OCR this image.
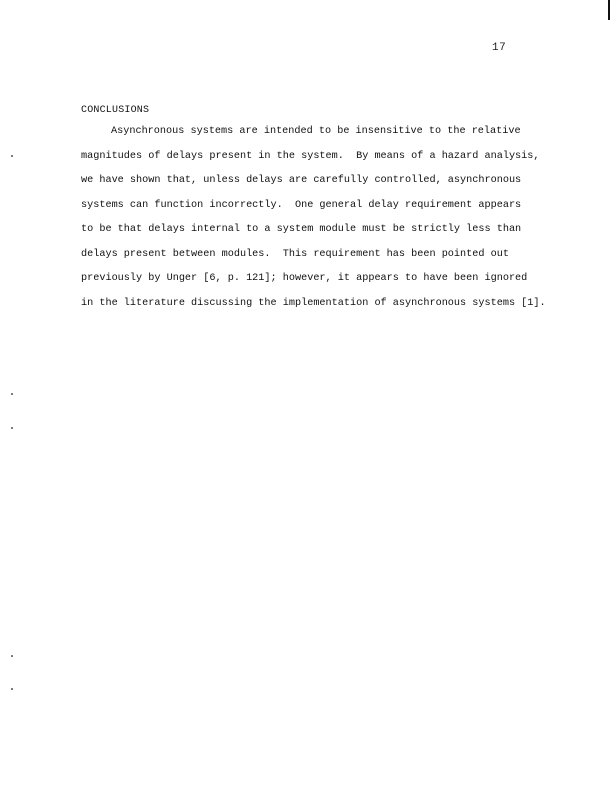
17
CONCLUSIONS
Asynchronous systems are intended to be insensitive to the relative
magnitudes of delays present in the system.  By means of a hazard analysis,
we have shown that, unless delays are carefully controlled, asynchronous
systems can function incorrectly.  One general delay requirement appears
to be that delays internal to a system module must be strictly less than
delays present between modules.  This requirement has been pointed out
previously by Unger [6, p. 121]; however, it appears to have been ignored
in the literature discussing the implementation of asynchronous systems [1].
